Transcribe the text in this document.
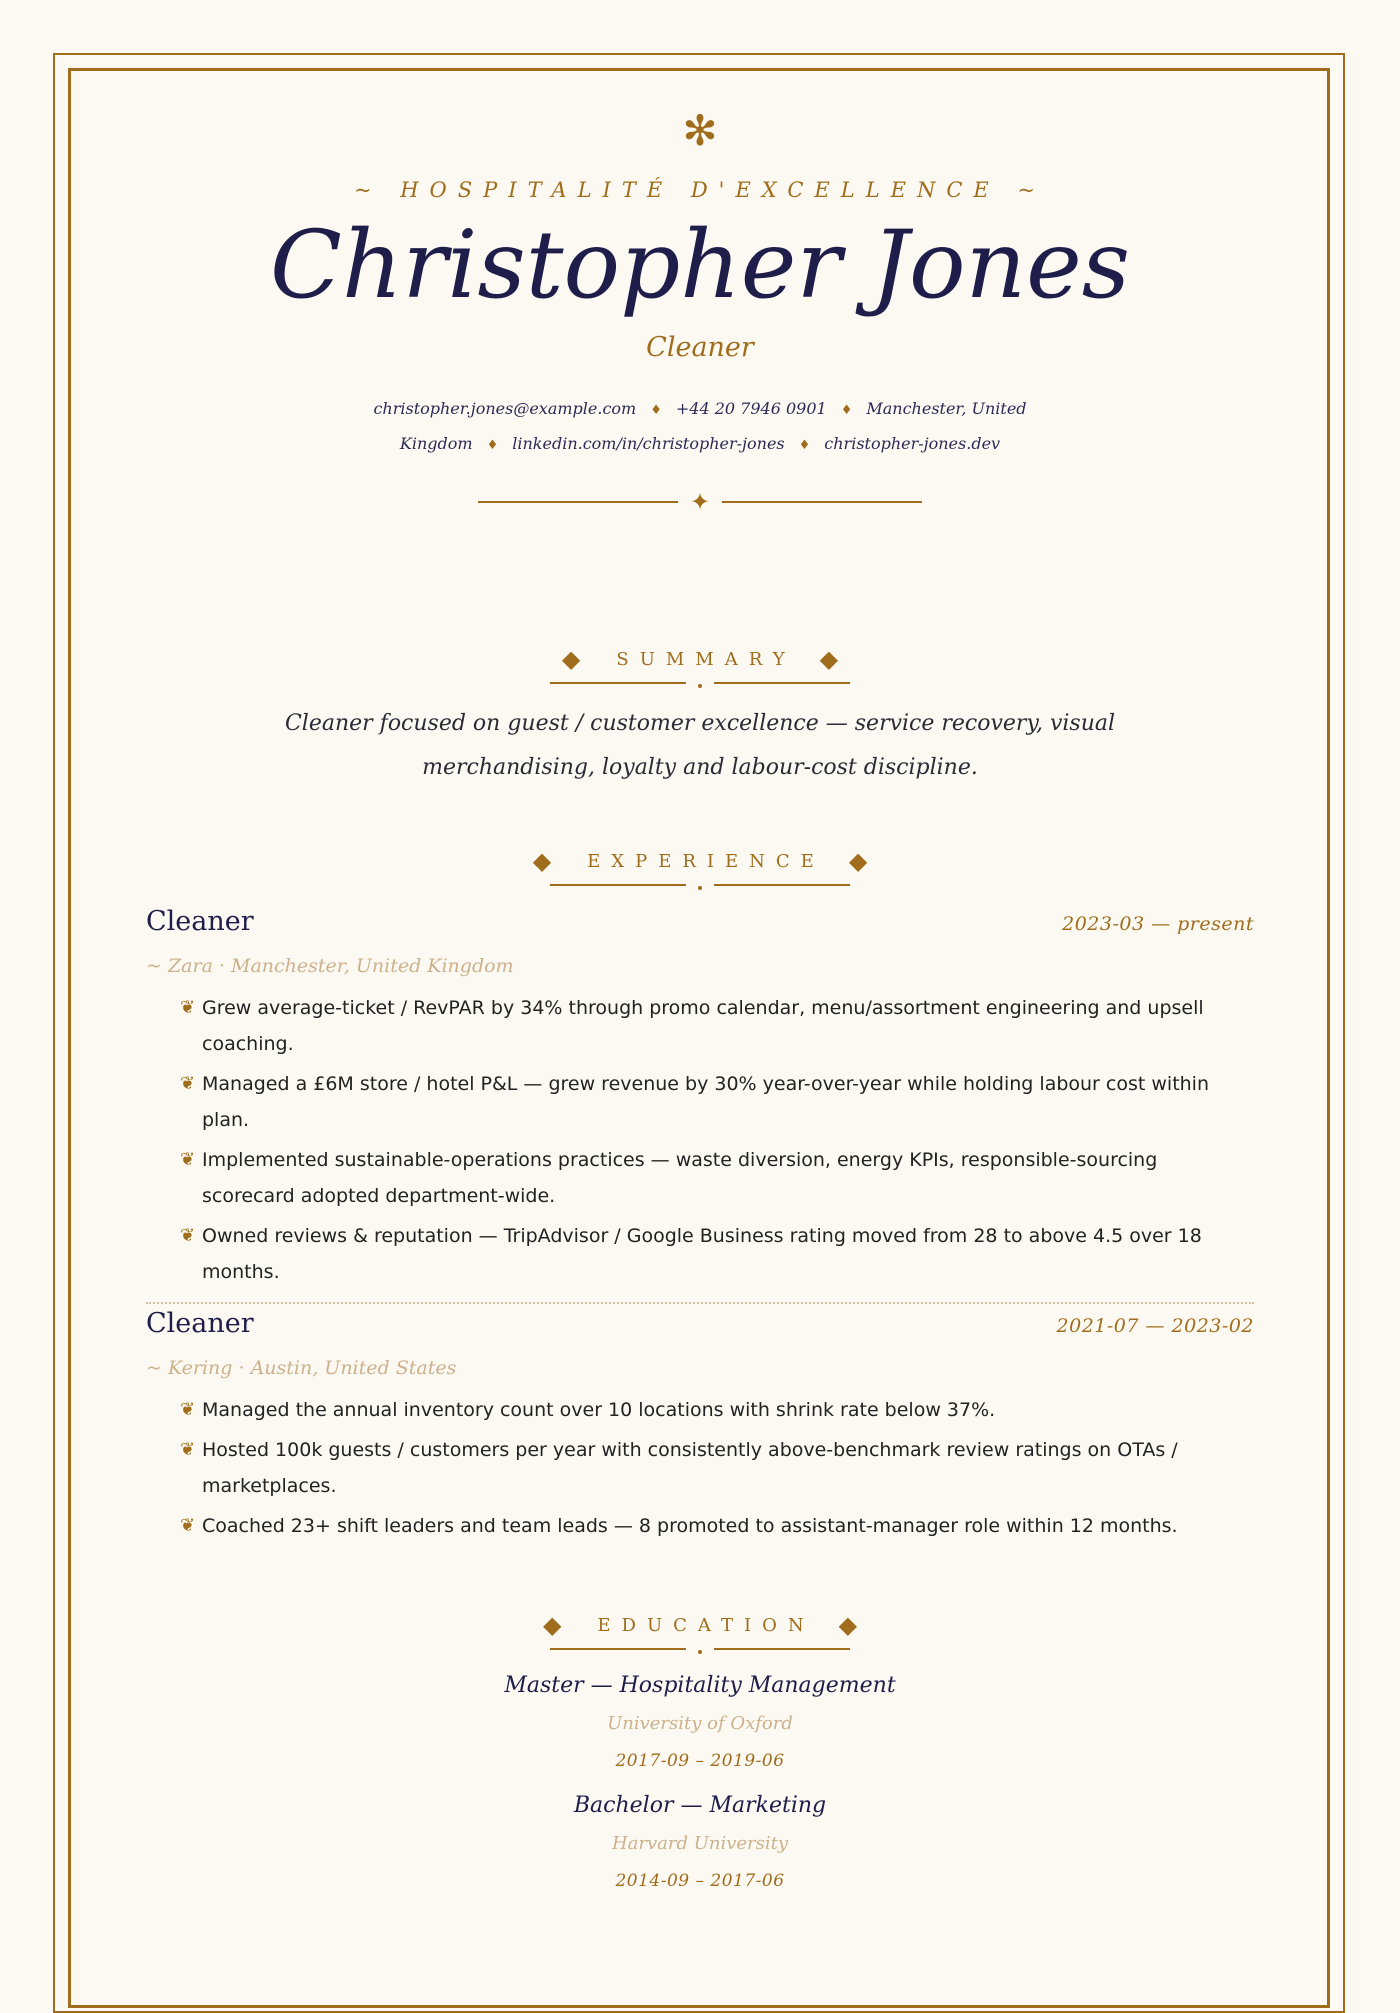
✻
~ HOSPITALITÉ D'EXCELLENCE ~
Christopher Jones
Cleaner
christopher.jones@example.com ♦ +44 20 7946 0901 ♦ Manchester, United Kingdom ♦ linkedin.com/in/christopher-jones ♦ christopher-jones.dev
✦
◆	SUMMARY	◆
Cleaner focused on guest / customer excellence — service recovery, visual merchandising, loyalty and labour-cost discipline.
◆	EXPERIENCE	◆
Cleaner	2023-03 — present
~ Zara · Manchester, United Kingdom
❦ Grew average-ticket / RevPAR by 34% through promo calendar, menu/assortment engineering and upsell coaching.
❦ Managed a £6M store / hotel P&L — grew revenue by 30% year-over-year while holding labour cost within plan.
❦ Implemented sustainable-operations practices — waste diversion, energy KPIs, responsible-sourcing scorecard adopted department-wide.
❦ Owned reviews & reputation — TripAdvisor / Google Business rating moved from 28 to above 4.5 over 18 months.
Cleaner	2021-07 — 2023-02
~ Kering · Austin, United States
❦ Managed the annual inventory count over 10 locations with shrink rate below 37%.
❦ Hosted 100k guests / customers per year with consistently above-benchmark review ratings on OTAs / marketplaces.
❦ Coached 23+ shift leaders and team leads — 8 promoted to assistant-manager role within 12 months.
◆	EDUCATION	◆
Master — Hospitality Management
University of Oxford
2017-09 – 2019-06
Bachelor — Marketing
Harvard University
2014-09 – 2017-06
